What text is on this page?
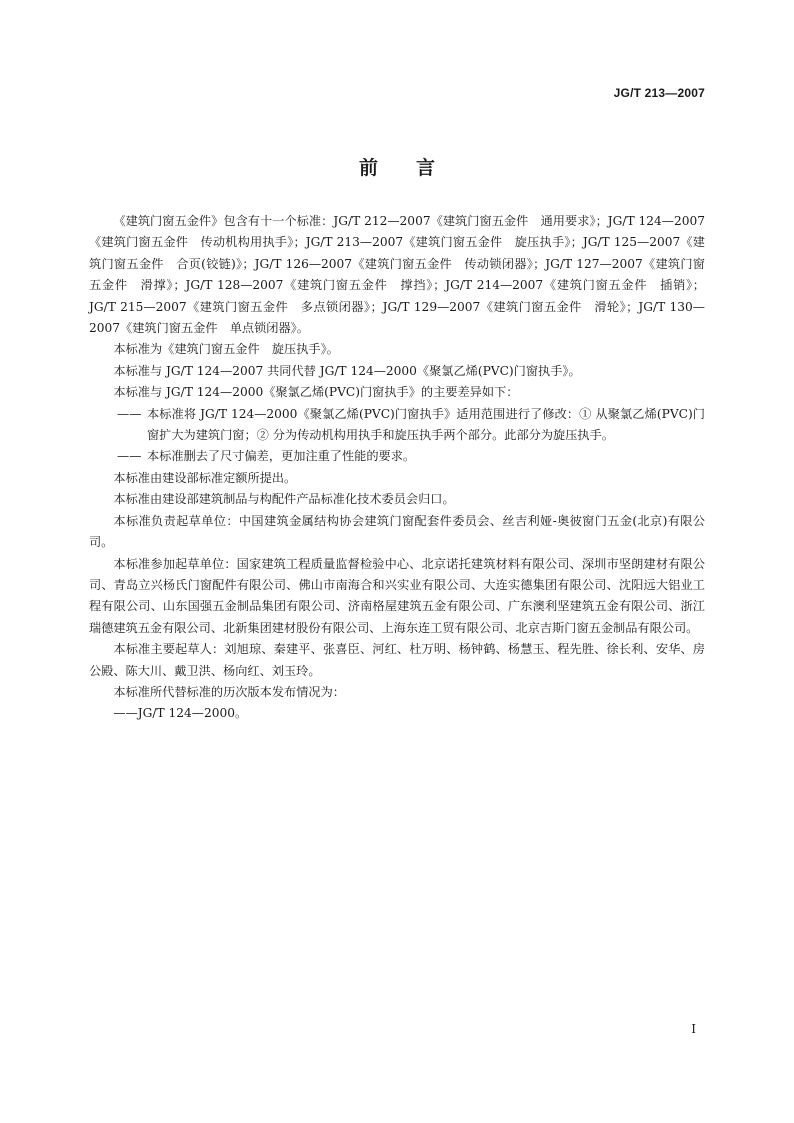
JG/T 213—2007
前 言

《建筑门窗五金件》包含有十一个标准：JG/T 212—2007《建筑门窗五金件　通用要求》；JG/T 124—2007《建筑门窗五金件　传动机构用执手》；JG/T 213—2007《建筑门窗五金件　旋压执手》；JG/T 125—2007《建筑门窗五金件　合页(铰链)》；JG/T 126—2007《建筑门窗五金件　传动锁闭器》；JG/T 127—2007《建筑门窗五金件　滑撑》；JG/T 128—2007《建筑门窗五金件　撑挡》；JG/T 214—2007《建筑门窗五金件　插销》；JG/T 215—2007《建筑门窗五金件　多点锁闭器》；JG/T 129—2007《建筑门窗五金件　滑轮》；JG/T 130—2007《建筑门窗五金件　单点锁闭器》。

本标准为《建筑门窗五金件　旋压执手》。

本标准与 JG/T 124—2007 共同代替 JG/T 124—2000《聚氯乙烯(PVC)门窗执手》。

本标准与 JG/T 124—2000《聚氯乙烯(PVC)门窗执手》的主要差异如下：

—— 本标准将 JG/T 124—2000《聚氯乙烯(PVC)门窗执手》适用范围进行了修改：① 从聚氯乙烯(PVC)门窗扩大为建筑门窗；② 分为传动机构用执手和旋压执手两个部分。此部分为旋压执手。

—— 本标准删去了尺寸偏差，更加注重了性能的要求。

本标准由建设部标准定额所提出。

本标准由建设部建筑制品与构配件产品标准化技术委员会归口。

本标准负责起草单位：中国建筑金属结构协会建筑门窗配套件委员会、丝吉利娅-奥彼窗门五金(北京)有限公司。

本标准参加起草单位：国家建筑工程质量监督检验中心、北京诺托建筑材料有限公司、深圳市坚朗建材有限公司、青岛立兴杨氏门窗配件有限公司、佛山市南海合和兴实业有限公司、大连实德集团有限公司、沈阳远大铝业工程有限公司、山东国强五金制品集团有限公司、济南格屋建筑五金有限公司、广东澳利坚建筑五金有限公司、浙江瑞德建筑五金有限公司、北新集团建材股份有限公司、上海东连工贸有限公司、北京吉斯门窗五金制品有限公司。

本标准主要起草人：刘旭琼、秦建平、张喜臣、河红、杜万明、杨钟鹤、杨慧玉、程先胜、徐长利、安华、房公殿、陈大川、戴卫洪、杨向红、刘玉玲。

本标准所代替标准的历次版本发布情况为：

——JG/T 124—2000。

I
